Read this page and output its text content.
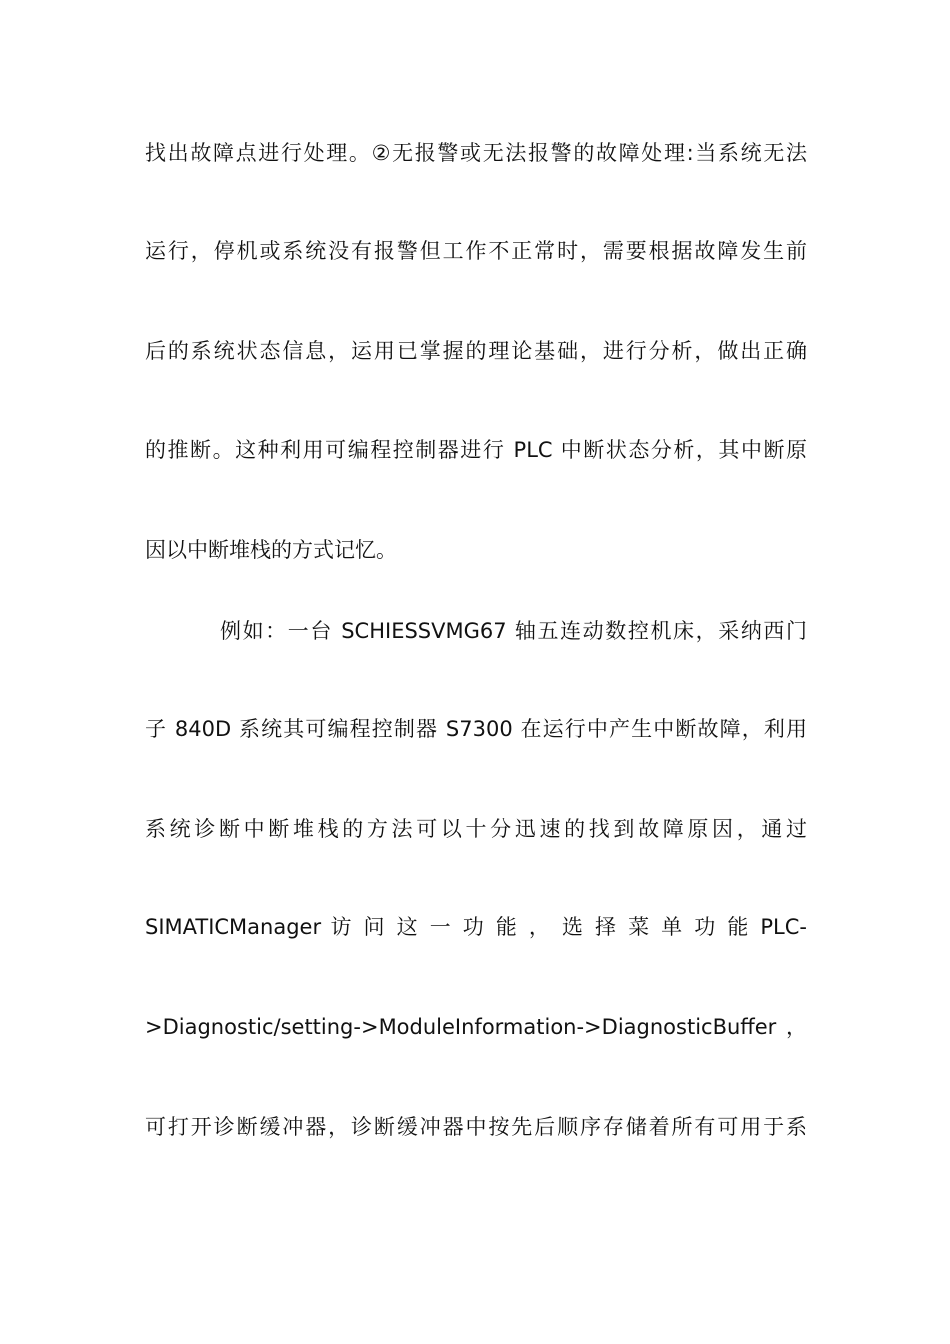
找出故障点进行处理。②无报警或无法报警的故障处理:当系统无法
运行，停机或系统没有报警但工作不正常时，需要根据故障发生前
后的系统状态信息，运用已掌握的理论基础，进行分析，做出正确
的推断。这种利用可编程控制器进行 PLC 中断状态分析，其中断原
因以中断堆栈的方式记忆。
例如：一台 SCHIESSVMG67 轴五连动数控机床，采纳西门
子 840D 系统其可编程控制器 S7300 在运行中产生中断故障，利用
系统诊断中断堆栈的方法可以十分迅速的找到故障原因，通过
SIMATICManager 访 问 这 一 功 能 ， 选 择 菜 单 功 能 PLC-
>Diagnostic/setting->ModuleInformation->DiagnosticBuffer ，
可打开诊断缓冲器，诊断缓冲器中按先后顺序存储着所有可用于系
